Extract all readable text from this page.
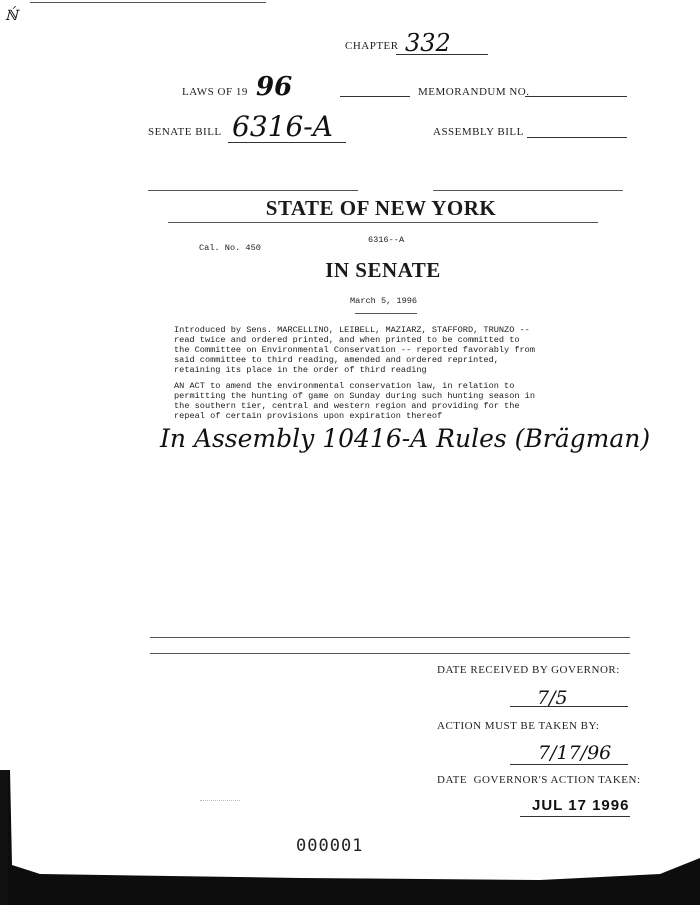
ℕ́
CHAPTER 332
LAWS OF 19 96	MEMORANDUM NO.
SENATE BILL 6316-A	ASSEMBLY BILL
STATE OF NEW YORK
6316--A
Cal. No. 450
IN SENATE
March 5, 1996
Introduced by Sens. MARCELLINO, LEIBELL, MAZIARZ, STAFFORD, TRUNZO --
read twice and ordered printed, and when printed to be committed to
the Committee on Environmental Conservation -- reported favorably from
said committee to third reading, amended and ordered reprinted,
retaining its place in the order of third reading
AN ACT to amend the environmental conservation law, in relation to
permitting the hunting of game on Sunday during such hunting season in
the southern tier, central and western region and providing for the
repeal of certain provisions upon expiration thereof
In Assembly 10416-A Rules (Brägman)
DATE RECEIVED BY GOVERNOR:
7/5
ACTION MUST BE TAKEN BY:
7/17/96
DATE  GOVERNOR'S ACTION TAKEN:
JUL 17 1996
000001
